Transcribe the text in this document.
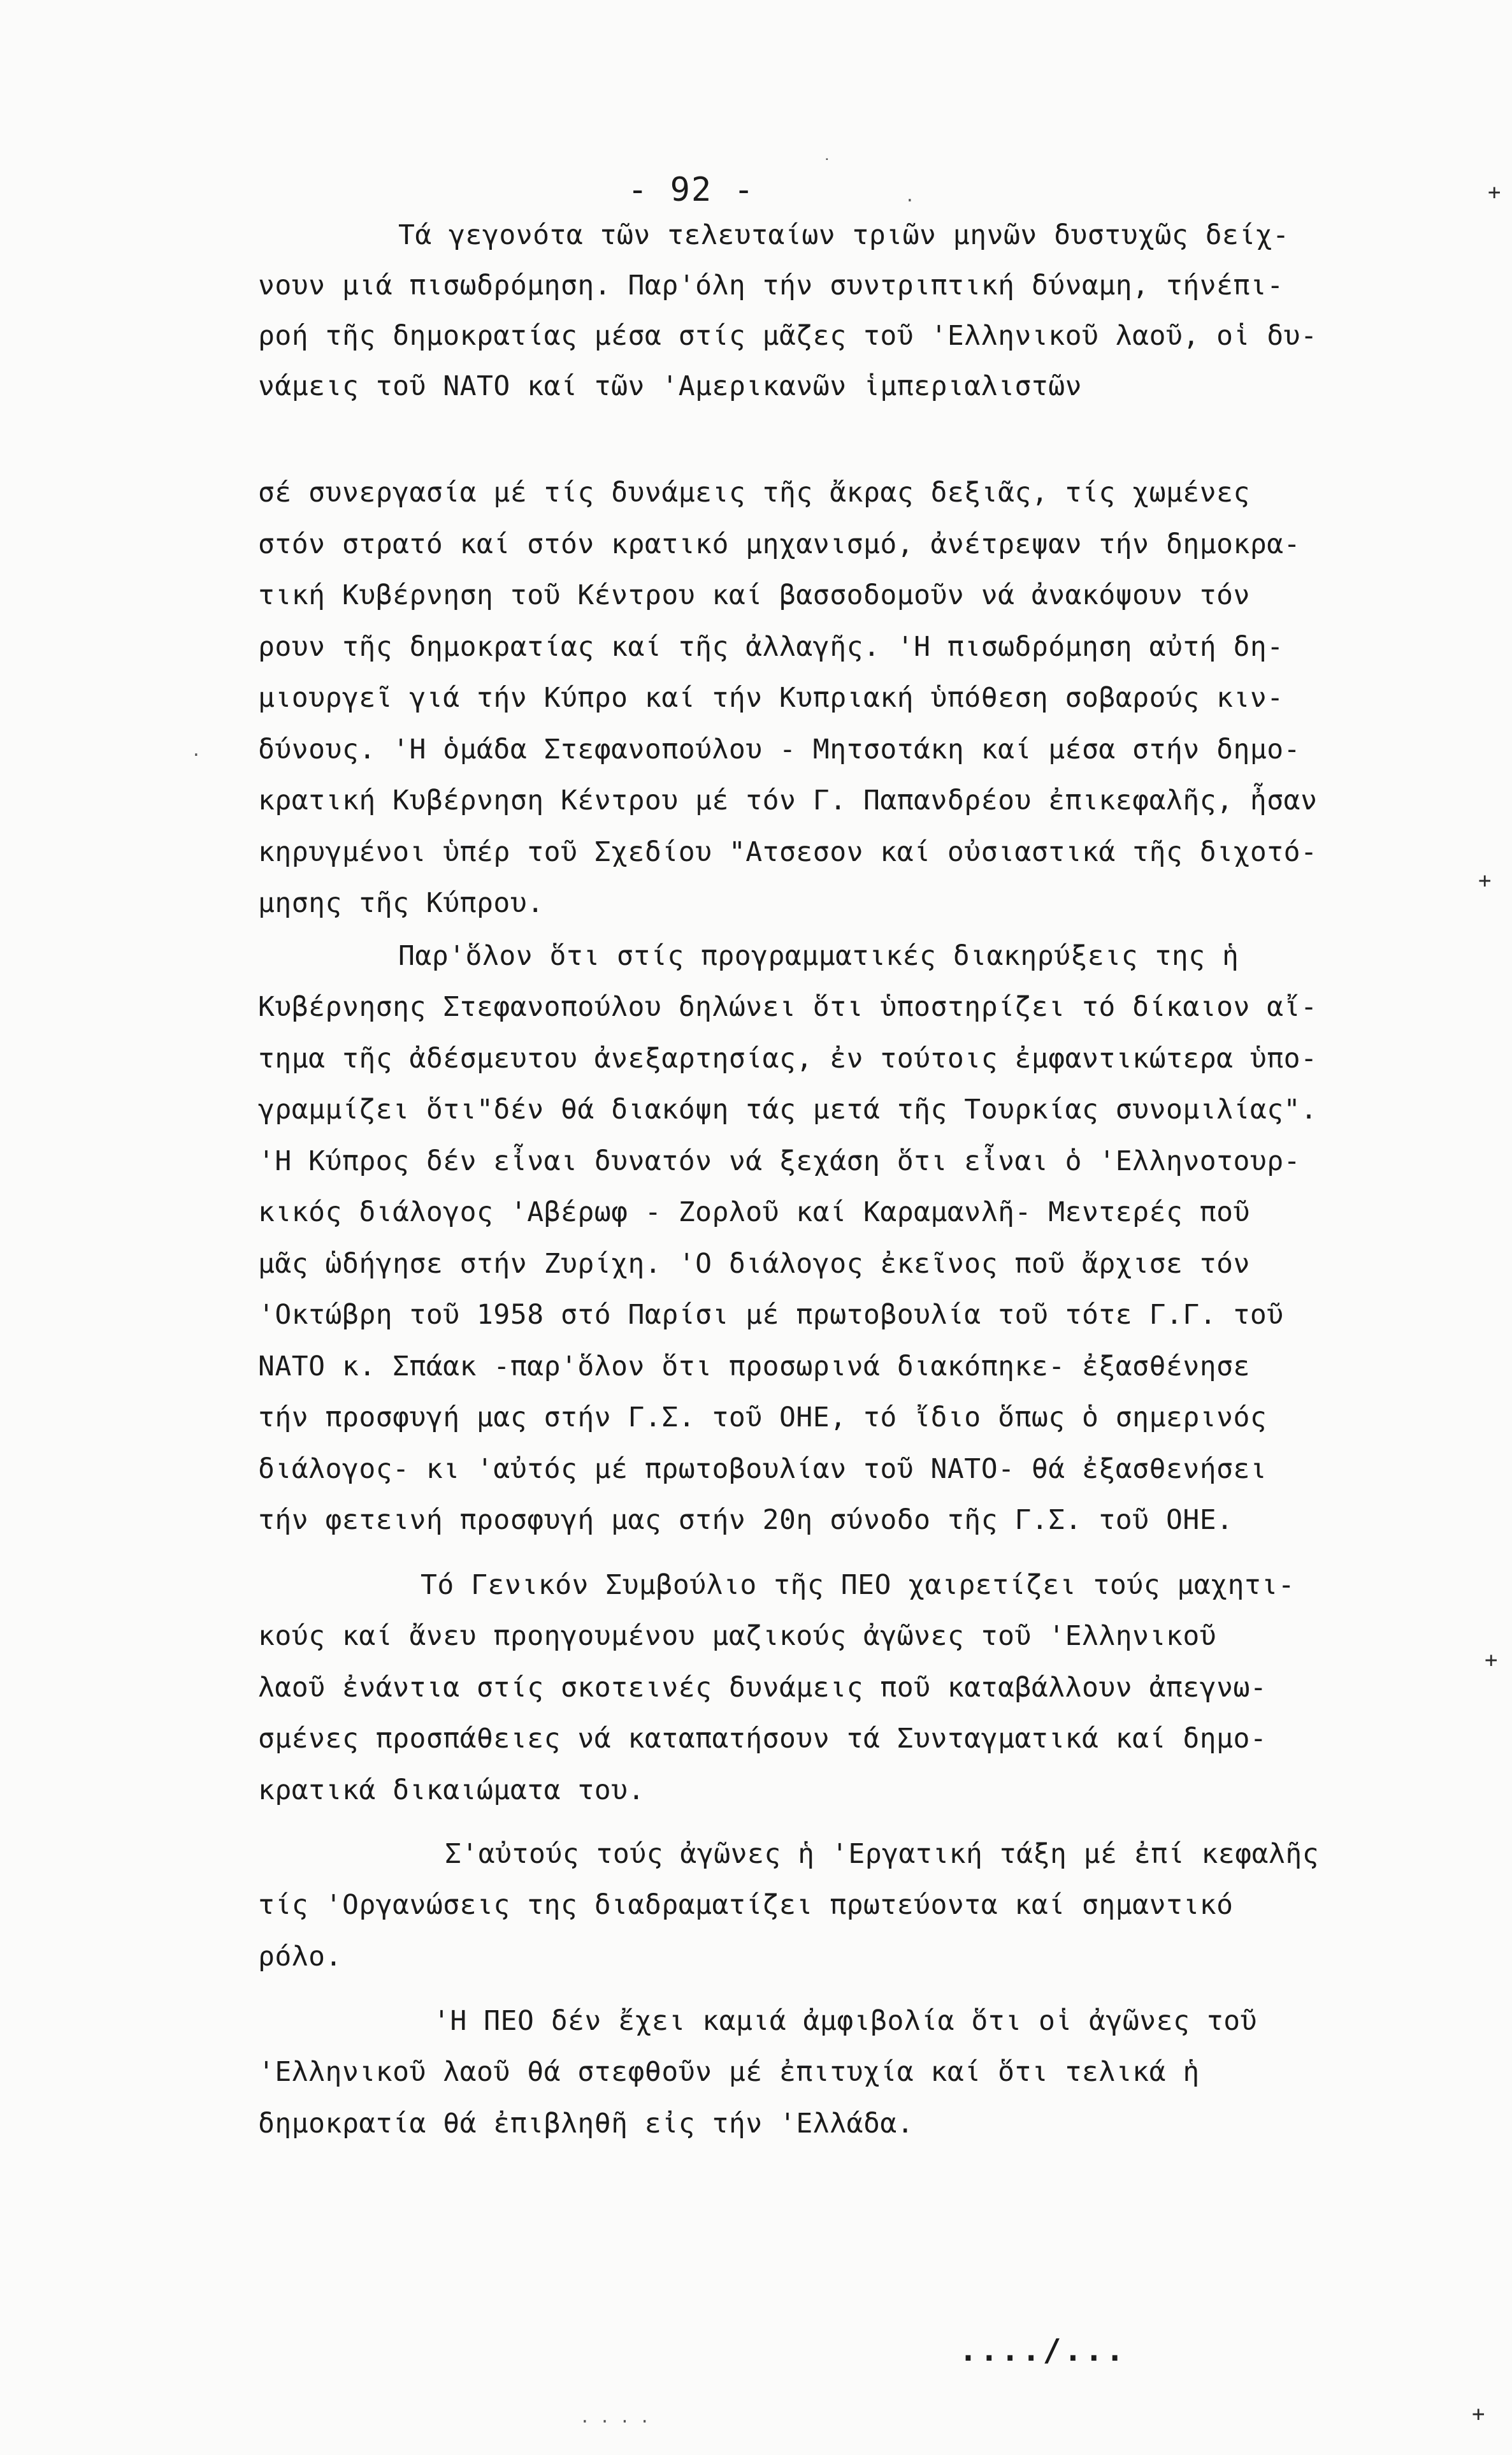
- 92 -
Τά γεγονότα τῶν τελευταίων τριῶν μηνῶν δυστυχῶς δείχ-
νουν μιά πισωδρόμηση. Παρ'όλη τήν συντριπτική δύναμη, τήνέπι-
ροή τῆς δημοκρατίας μέσα στίς μᾶζες τοῦ 'Ελληνικοῦ λαοῦ, οἱ δυ-
νάμεις τοῦ ΝΑΤΟ καί τῶν 'Αμερικανῶν ἱμπεριαλιστῶν
σέ συνεργασία μέ τίς δυνάμεις τῆς ἄκρας δεξιᾶς, τίς χωμένες
στόν στρατό καί στόν κρατικό μηχανισμό, ἀνέτρεψαν τήν δημοκρα-
τική Κυβέρνηση τοῦ Κέντρου καί βασσοδομοῦν νά ἀνακόψουν τόν
ρουν τῆς δημοκρατίας καί τῆς ἀλλαγῆς. 'Η πισωδρόμηση αὐτή δη-
μιουργεῖ γιά τήν Κύπρο καί τήν Κυπριακή ὑπόθεση σοβαρούς κιν-
δύνους. 'Η ὁμάδα Στεφανοπούλου - Μητσοτάκη καί μέσα στήν δημο-
κρατική Κυβέρνηση Κέντρου μέ τόν Γ. Παπανδρέου ἐπικεφαλῆς, ἦσαν
κηρυγμένοι ὑπέρ τοῦ Σχεδίου "Ατσεσον καί οὐσιαστικά τῆς διχοτό-
μησης τῆς Κύπρου.
Παρ'ὅλον ὅτι στίς προγραμματικές διακηρύξεις της ἡ
Κυβέρνησης Στεφανοπούλου δηλώνει ὅτι ὑποστηρίζει τό δίκαιον αἴ-
τημα τῆς ἀδέσμευτου ἀνεξαρτησίας, ἐν τούτοις ἐμφαντικώτερα ὑπο-
γραμμίζει ὅτι"δέν θά διακόψη τάς μετά τῆς Τουρκίας συνομιλίας".
'Η Κύπρος δέν εἶναι δυνατόν νά ξεχάση ὅτι εἶναι ὁ 'Ελληνοτουρ-
κικός διάλογος 'Αβέρωφ - Ζορλοῦ καί Καραμανλῆ- Μεντερές ποῦ
μᾶς ὡδήγησε στήν Ζυρίχη. 'Ο διάλογος ἐκεῖνος ποῦ ἄρχισε τόν
'Οκτώβρη τοῦ 1958 στό Παρίσι μέ πρωτοβουλία τοῦ τότε Γ.Γ. τοῦ
ΝΑΤΟ κ. Σπάακ -παρ'ὅλον ὅτι προσωρινά διακόπηκε- ἐξασθένησε
τήν προσφυγή μας στήν Γ.Σ. τοῦ ΟΗΕ, τό ἴδιο ὅπως ὁ σημερινός
διάλογος- κι 'αὐτός μέ πρωτοβουλίαν τοῦ ΝΑΤΟ- θά ἐξασθενήσει
τήν φετεινή προσφυγή μας στήν 20η σύνοδο τῆς Γ.Σ. τοῦ ΟΗΕ.
Τό Γενικόν Συμβούλιο τῆς ΠΕΟ χαιρετίζει τούς μαχητι-
κούς καί ἄνευ προηγουμένου μαζικούς ἀγῶνες τοῦ 'Ελληνικοῦ
λαοῦ ἐνάντια στίς σκοτεινές δυνάμεις ποῦ καταβάλλουν ἀπεγνω-
σμένες προσπάθειες νά καταπατήσουν τά Συνταγματικά καί δημο-
κρατικά δικαιώματα του.
Σ'αὐτούς τούς ἀγῶνες ἡ 'Εργατική τάξη μέ ἐπί κεφαλῆς
τίς 'Οργανώσεις της διαδραματίζει πρωτεύοντα καί σημαντικό
ρόλο.
'Η ΠΕΟ δέν ἔχει καμιά ἀμφιβολία ὅτι οἱ ἀγῶνες τοῦ
'Ελληνικοῦ λαοῦ θά στεφθοῦν μέ ἐπιτυχία καί ὅτι τελικά ἡ
δημοκρατία θά ἐπιβληθῆ εἰς τήν 'Ελλάδα.
..../...
+
+
+
+
˙
·
·
· · · ·
